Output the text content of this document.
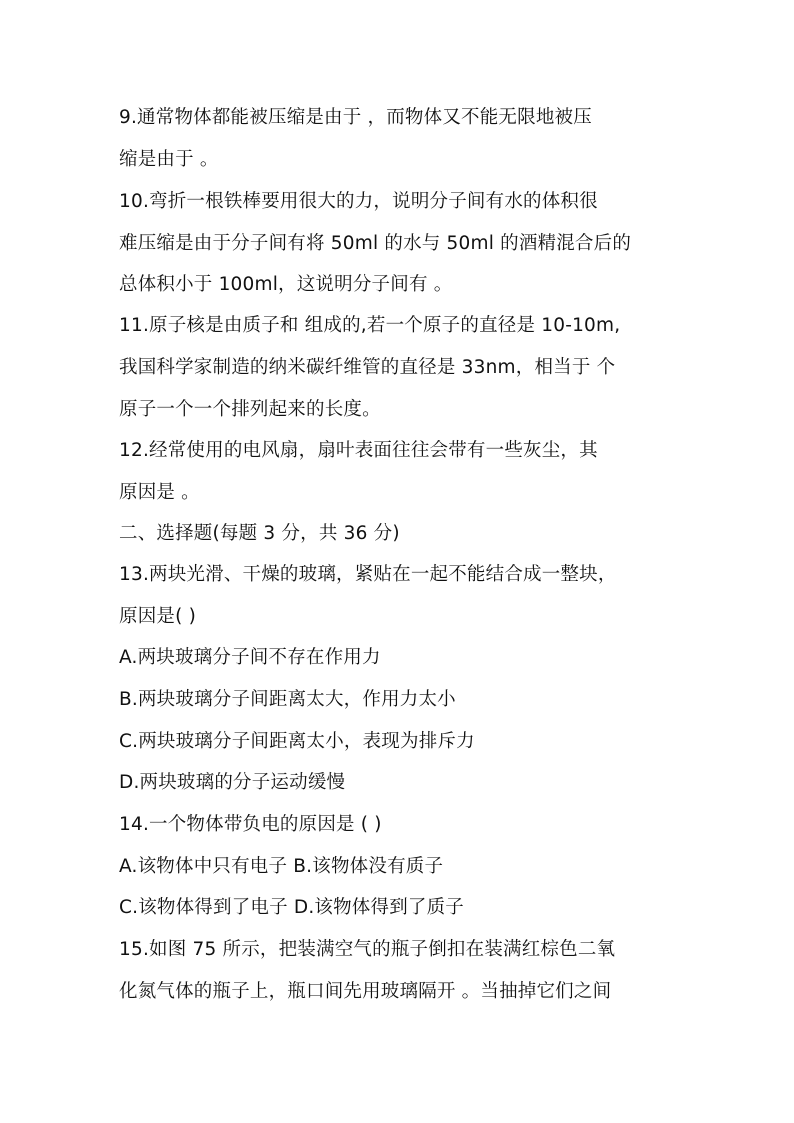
9.通常物体都能被压缩是由于 ，而物体又不能无限地被压
缩是由于 。
10.弯折一根铁棒要用很大的力，说明分子间有水的体积很
难压缩是由于分子间有将 50ml 的水与 50ml 的酒精混合后的
总体积小于 100ml，这说明分子间有 。
11.原子核是由质子和 组成的,若一个原子的直径是 10-10m,
我国科学家制造的纳米碳纤维管的直径是 33nm，相当于 个
原子一个一个排列起来的长度。
12.经常使用的电风扇，扇叶表面往往会带有一些灰尘，其
原因是 。
二、选择题(每题 3 分，共 36 分)
13.两块光滑、干燥的玻璃，紧贴在一起不能结合成一整块，
原因是( )
A.两块玻璃分子间不存在作用力
B.两块玻璃分子间距离太大，作用力太小
C.两块玻璃分子间距离太小，表现为排斥力
D.两块玻璃的分子运动缓慢
14.一个物体带负电的原因是 ( )
A.该物体中只有电子 B.该物体没有质子
C.该物体得到了电子 D.该物体得到了质子
15.如图 75 所示，把装满空气的瓶子倒扣在装满红棕色二氧
化氮气体的瓶子上，瓶口间先用玻璃隔开 。当抽掉它们之间
